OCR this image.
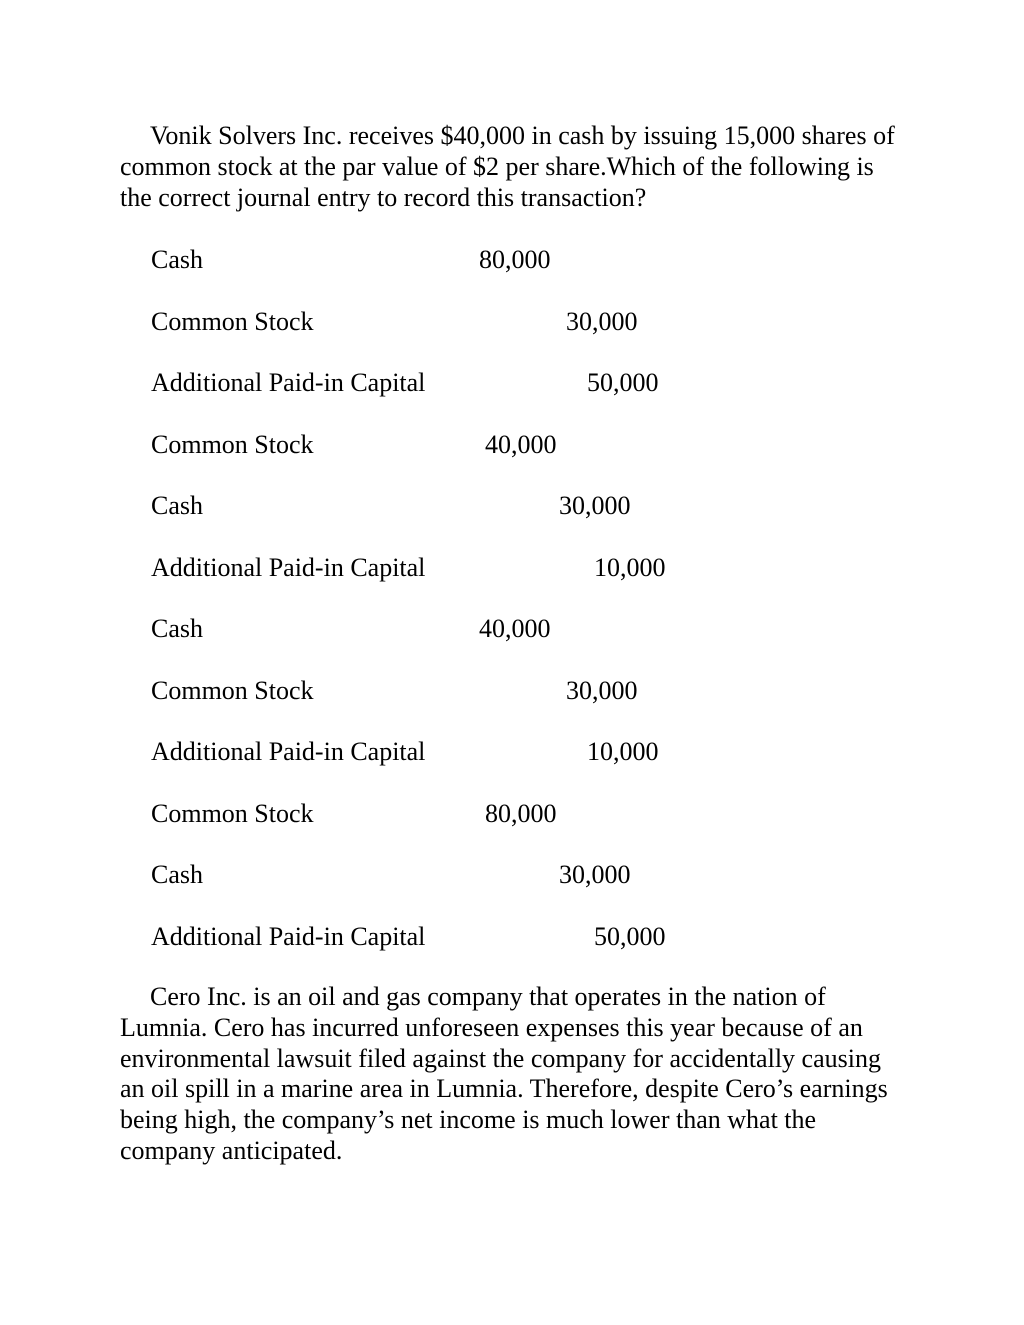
Vonik Solvers Inc. receives $40,000 in cash by issuing 15,000 shares of common stock at the par value of $2 per share.Which of the following is the correct journal entry to record this transaction?

Cash	80,000
Common Stock	30,000
Additional Paid-in Capital	50,000
Common Stock	40,000
Cash	30,000
Additional Paid-in Capital	10,000
Cash	40,000
Common Stock	30,000
Additional Paid-in Capital	10,000
Common Stock	80,000
Cash	30,000
Additional Paid-in Capital	50,000

Cero Inc. is an oil and gas company that operates in the nation of Lumnia. Cero has incurred unforeseen expenses this year because of an environmental lawsuit filed against the company for accidentally causing an oil spill in a marine area in Lumnia. Therefore, despite Cero’s earnings being high, the company’s net income is much lower than what the company anticipated.
